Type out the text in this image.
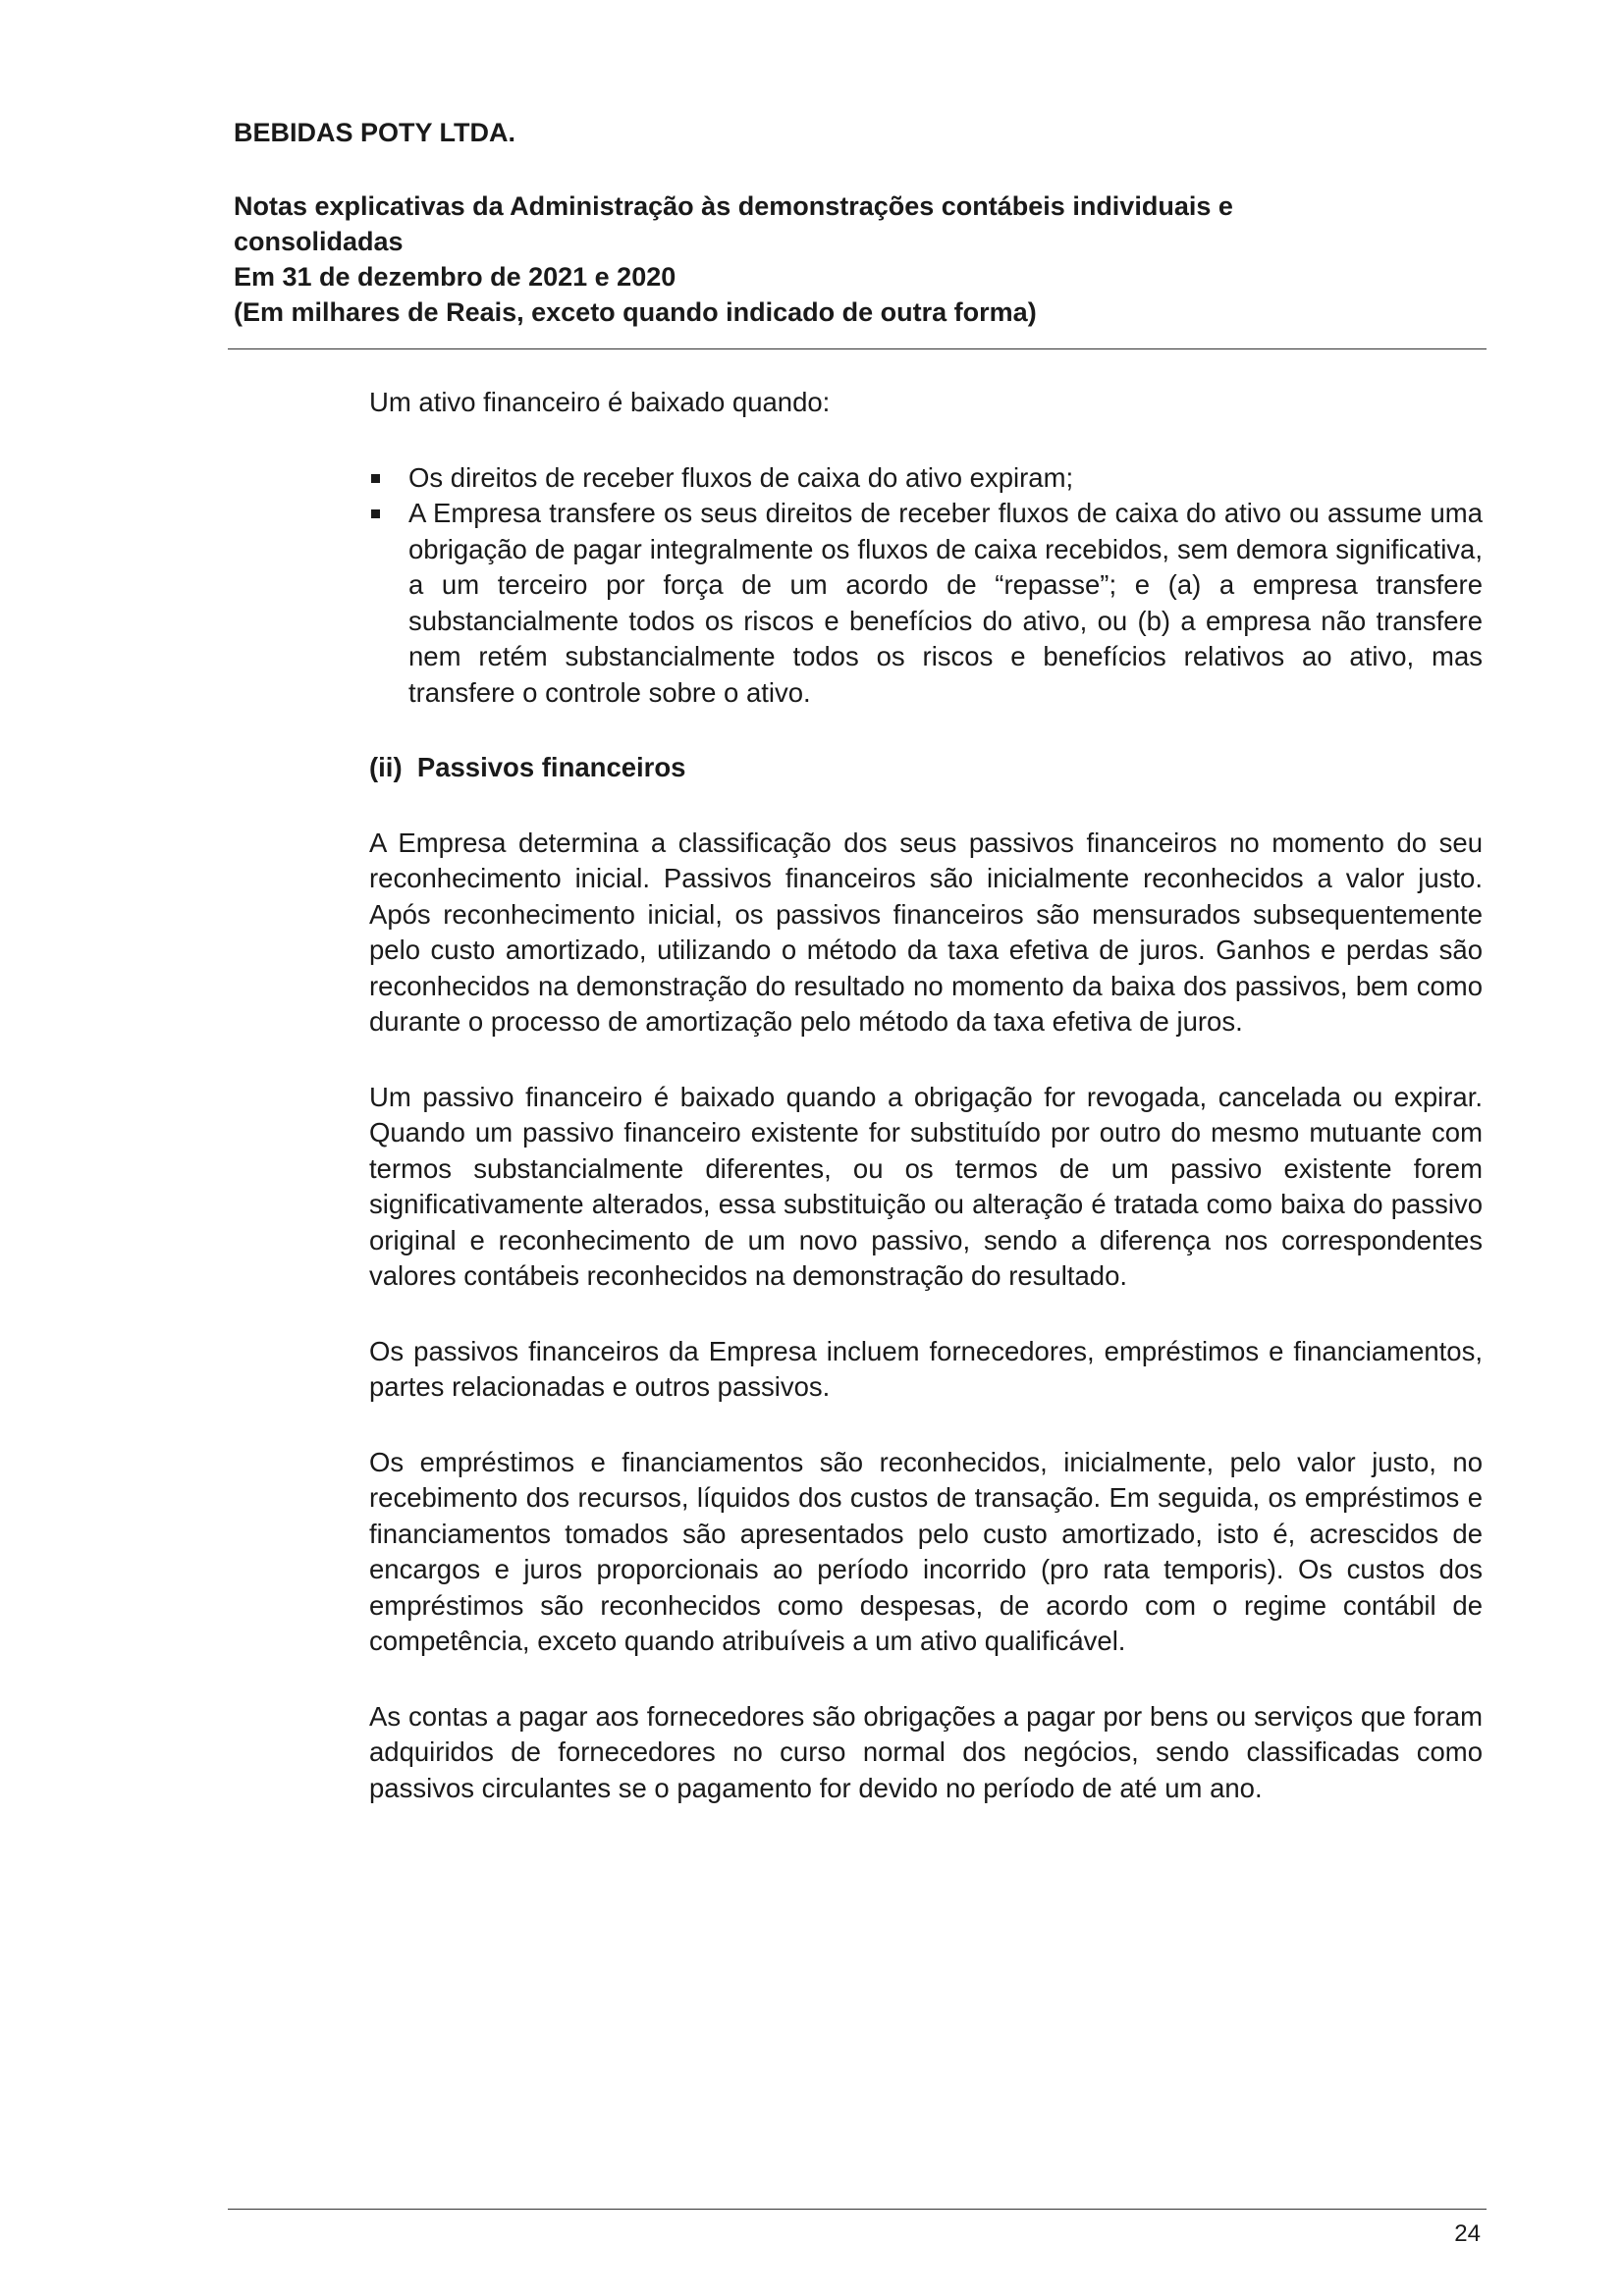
BEBIDAS POTY LTDA.

Notas explicativas da Administração às demonstrações contábeis individuais e

consolidadas

Em 31 de dezembro de 2021 e 2020

(Em milhares de Reais, exceto quando indicado de outra forma)

Um ativo financeiro é baixado quando:

Os direitos de receber fluxos de caixa do ativo expiram;
A Empresa transfere os seus direitos de receber fluxos de caixa do ativo ou assume uma obrigação de pagar integralmente os fluxos de caixa recebidos, sem demora significativa, a um terceiro por força de um acordo de “repasse”; e (a) a empresa transfere substancialmente todos os riscos e benefícios do ativo, ou (b) a empresa não transfere nem retém substancialmente todos os riscos e benefícios relativos ao ativo, mas transfere o controle sobre o ativo.

(ii)  Passivos financeiros

A Empresa determina a classificação dos seus passivos financeiros no momento do seu reconhecimento inicial. Passivos financeiros são inicialmente reconhecidos a valor justo. Após reconhecimento inicial, os passivos financeiros são mensurados subsequentemente pelo custo amortizado, utilizando o método da taxa efetiva de juros. Ganhos e perdas são reconhecidos na demonstração do resultado no momento da baixa dos passivos, bem como durante o processo de amortização pelo método da taxa efetiva de juros.

Um passivo financeiro é baixado quando a obrigação for revogada, cancelada ou expirar. Quando um passivo financeiro existente for substituído por outro do mesmo mutuante com termos substancialmente diferentes, ou os termos de um passivo existente forem significativamente alterados, essa substituição ou alteração é tratada como baixa do passivo original e reconhecimento de um novo passivo, sendo a diferença nos correspondentes valores contábeis reconhecidos na demonstração do resultado.

Os passivos financeiros da Empresa incluem fornecedores, empréstimos e financiamentos, partes relacionadas e outros passivos.

Os empréstimos e financiamentos são reconhecidos, inicialmente, pelo valor justo, no recebimento dos recursos, líquidos dos custos de transação. Em seguida, os empréstimos e financiamentos tomados são apresentados pelo custo amortizado, isto é, acrescidos de encargos e juros proporcionais ao período incorrido (pro rata temporis). Os custos dos empréstimos são reconhecidos como despesas, de acordo com o regime contábil de competência, exceto quando atribuíveis a um ativo qualificável.

As contas a pagar aos fornecedores são obrigações a pagar por bens ou serviços que foram adquiridos de fornecedores no curso normal dos negócios, sendo classificadas como passivos circulantes se o pagamento for devido no período de até um ano.

24
